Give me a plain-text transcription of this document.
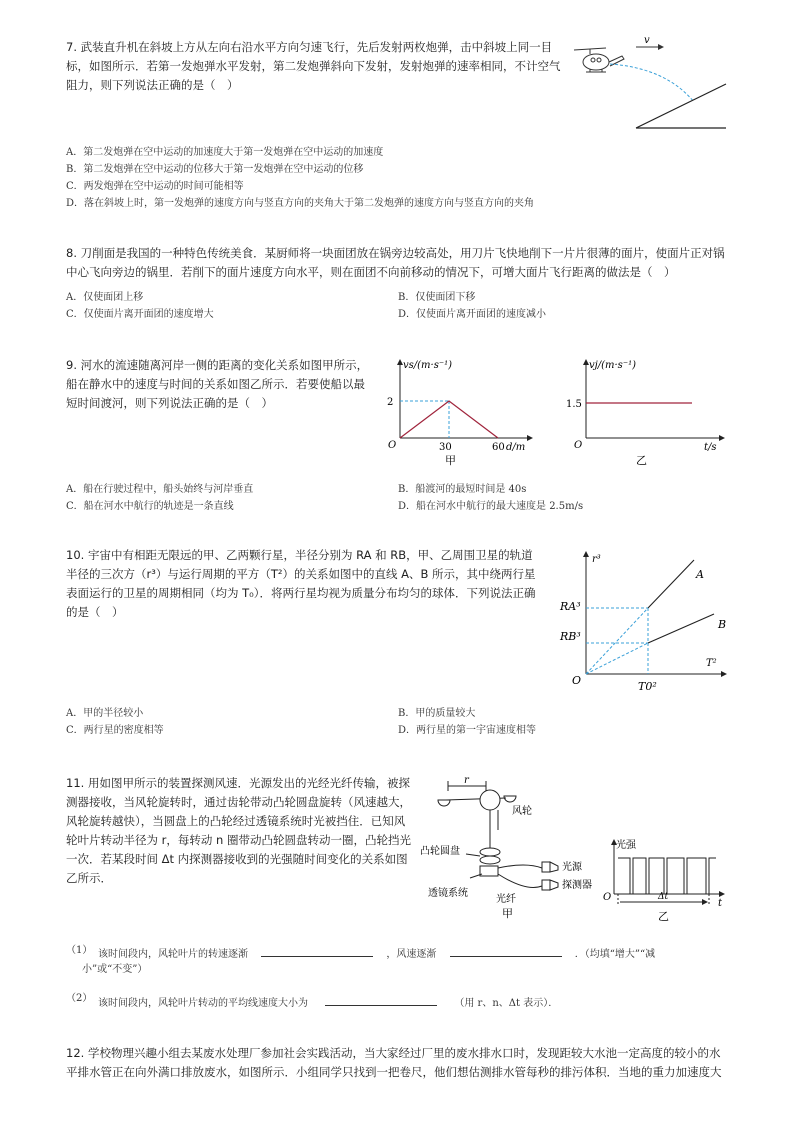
7. 武装直升机在斜坡上方从左向右沿水平方向匀速飞行，先后发射两枚炮弹，击中斜坡上同一目标，如图所示．若第一发炮弹水平发射，第二发炮弹斜向下发射，发射炮弹的速率相同，不计空气阻力，则下列说法正确的是（　）
v
A．第二发炮弹在空中运动的加速度大于第一发炮弹在空中运动的加速度
B．第二发炮弹在空中运动的位移大于第一发炮弹在空中运动的位移
C．两发炮弹在空中运动的时间可能相等
D．落在斜坡上时，第一发炮弹的速度方向与竖直方向的夹角大于第二发炮弹的速度方向与竖直方向的夹角
8. 刀削面是我国的一种特色传统美食．某厨师将一块面团放在锅旁边较高处，用刀片飞快地削下一片片很薄的面片，使面片正对锅中心飞向旁边的锅里．若削下的面片速度方向水平，则在面团不向前移动的情况下，可增大面片飞行距离的做法是（　）
A．仅使面团上移	B．仅使面团下移
C．仅使面片离开面团的速度增大	D．仅使面片离开面团的速度减小
9. 河水的流速随离河岸一侧的距离的变化关系如图甲所示，船在静水中的速度与时间的关系如图乙所示．若要使船以最短时间渡河，则下列说法正确的是（　）
vs/(m·s⁻¹)
d/m
O
2
30	60
甲
vj/(m·s⁻¹)
t/s
O
1.5
乙
A．船在行驶过程中，船头始终与河岸垂直	B．船渡河的最短时间是 40s
C．船在河水中航行的轨迹是一条直线	D．船在河水中航行的最大速度是 2.5m/s
10. 宇宙中有相距无限远的甲、乙两颗行星，半径分别为 RA 和 RB，甲、乙周围卫星的轨道半径的三次方（r³）与运行周期的平方（T²）的关系如图中的直线 A、B 所示，其中绕两行星表面运行的卫星的周期相同（均为 T₀）．将两行星均视为质量分布均匀的球体．下列说法正确的是（　）
r³
T²
O
RA³
RB³
T0²
A
B
A．甲的半径较小	B．甲的质量较大
C．两行星的密度相等	D．两行星的第一宇宙速度相等
11. 用如图甲所示的装置探测风速．光源发出的光经光纤传输，被探测器接收，当风轮旋转时，通过齿轮带动凸轮圆盘旋转（风速越大，风轮旋转越快），当圆盘上的凸轮经过透镜系统时光被挡住．已知风轮叶片转动半径为 r，每转动 n 圈带动凸轮圆盘转动一圈，凸轮挡光一次．若某段时间 Δt 内探测器接收到的光强随时间变化的关系如图乙所示．
r
风轮
凸轮圆盘
光源
探测器
透镜系统
光纤
甲
光强
O
t
Δt
乙
（1） 该时间段内，风轮叶片的转速逐渐	，风速逐渐	．（均填“增大”“减
小”或“不变”）
（2） 该时间段内，风轮叶片转动的平均线速度大小为	（用 r、n、Δt 表示）．
12. 学校物理兴趣小组去某废水处理厂参加社会实践活动，当大家经过厂里的废水排水口时，发现距较大水池一定高度的较小的水平排水管正在向外满口排放废水，如图所示．小组同学只找到一把卷尺，他们想估测排水管每秒的排污体积．当地的重力加速度大
